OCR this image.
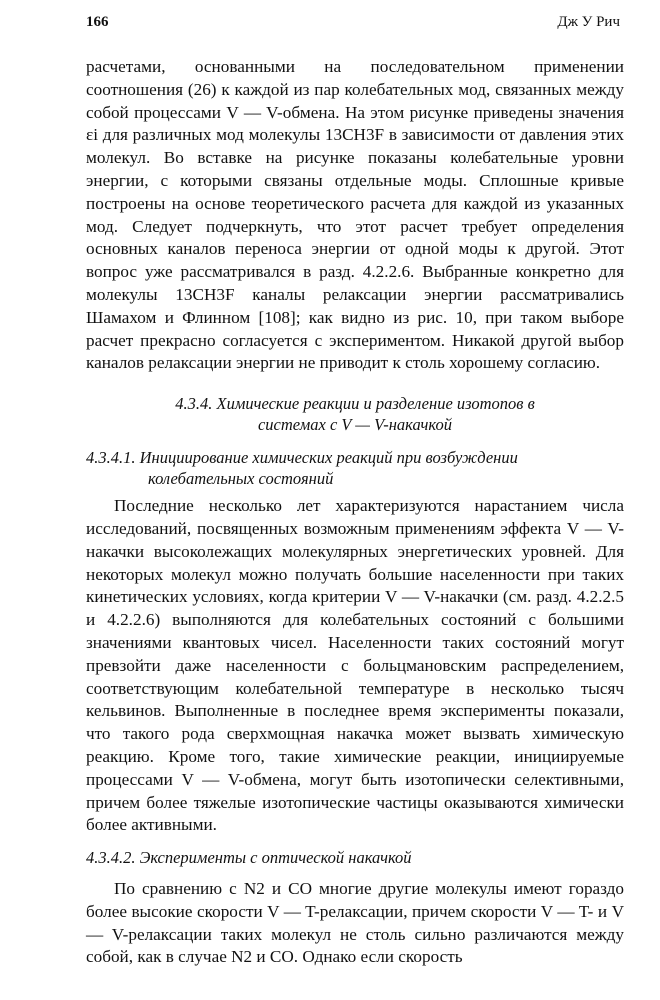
166	Дж У Рич

расчетами, основанными на последовательном применении соотношения (26) к каждой из пар колебательных мод, связанных между собой процессами V — V-обмена. На этом рисунке приведены значения εi для различных мод молекулы 13CH3F в зависимости от давления этих молекул. Во вставке на рисунке показаны колебательные уровни энергии, с которыми связаны отдельные моды. Сплошные кривые построены на основе теоретического расчета для каждой из указанных мод. Следует подчеркнуть, что этот расчет требует определения основных каналов переноса энергии от одной моды к другой. Этот вопрос уже рассматривался в разд. 4.2.2.6. Выбранные конкретно для молекулы 13CH3F каналы релаксации энергии рассматривались Шамахом и Флинном [108]; как видно из рис. 10, при таком выборе расчет прекрасно согласуется с экспериментом. Никакой другой выбор каналов релаксации энергии не приводит к столь хорошему согласию.

4.3.4. Химические реакции и разделение изотопов в
системах с V — V-накачкой
4.3.4.1. Инициирование химических реакций при возбуждении
колебательных состояний

Последние несколько лет характеризуются нарастанием числа исследований, посвященных возможным применениям эффекта V — V-накачки высоколежащих молекулярных энергетических уровней. Для некоторых молекул можно получать большие населенности при таких кинетических условиях, когда критерии V — V-накачки (см. разд. 4.2.2.5 и 4.2.2.6) выполняются для колебательных состояний с большими значениями квантовых чисел. Населенности таких состояний могут превзойти даже населенности с больцмановским распределением, соответствующим колебательной температуре в несколько тысяч кельвинов. Выполненные в последнее время эксперименты показали, что такого рода сверхмощная накачка может вызвать химическую реакцию. Кроме того, такие химические реакции, инициируемые процессами V — V-обмена, могут быть изотопически селективными, причем более тяжелые изотопические частицы оказываются химически более активными.

4.3.4.2. Эксперименты с оптической накачкой

По сравнению с N2 и CO многие другие молекулы имеют гораздо более высокие скорости V — T-релаксации, причем скорости V — T- и V — V-релаксации таких молекул не столь сильно различаются между собой, как в случае N2 и CO. Однако если скорость
